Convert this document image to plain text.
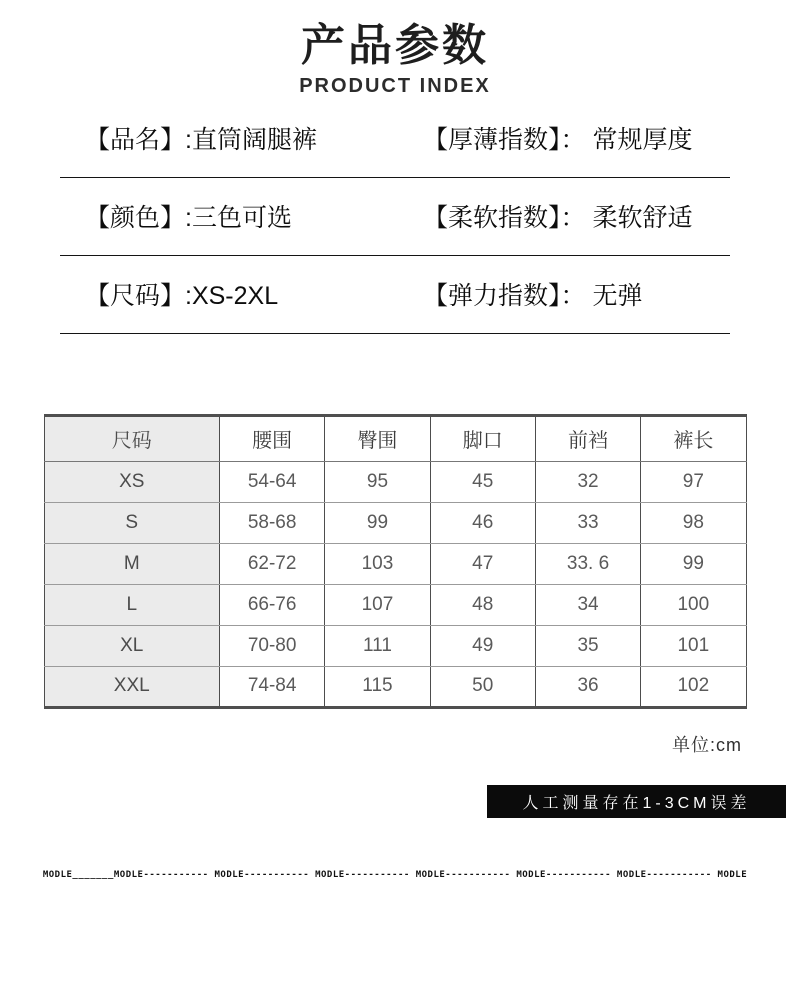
产品参数
PRODUCT INDEX
【品名】:直筒阔腿裤	【厚薄指数】： 常规厚度
【颜色】:三色可选	【柔软指数】： 柔软舒适
【尺码】:XS-2XL	【弹力指数】： 无弹
尺码	腰围	臀围	脚口	前裆	裤长
XS	54-64	95	45	32	97
S	58-68	99	46	33	98
M	62-72	103	47	33. 6	99
L	66-76	107	48	34	100
XL	70-80	111	49	35	101
XXL	74-84	115	50	36	102
单位:cm
人工测量存在1-3CM误差
MODLE_______MODLE----------- MODLE----------- MODLE----------- MODLE----------- MODLE----------- MODLE----------- MODLE
